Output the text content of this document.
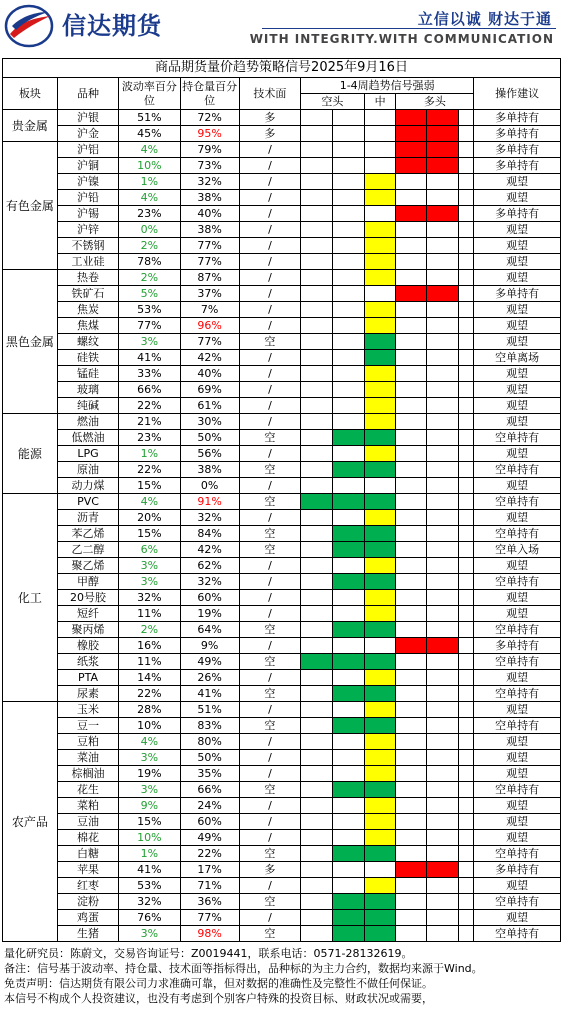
信达期货	立信以诚 财达于通
WITH INTEGRITY.WITH COMMUNICATION
商品期货量价趋势策略信号2025年9月16日											
板块	品种	波动率百分位	持仓量百分位	技术面	1-4周趋势信号强弱						操作建议
					空头		中	多头			
贵金属	沪银	51%	72%	多							多单持有
	沪金	45%	95%	多							多单持有
有色金属	沪铝	4%	79%	/							多单持有
	沪铜	10%	73%	/							多单持有
	沪镍	1%	32%	/							观望
	沪铅	4%	38%	/							观望
	沪锡	23%	40%	/							多单持有
	沪锌	0%	38%	/							观望
	不锈钢	2%	77%	/							观望
	工业硅	78%	77%	/							观望
黑色金属	热卷	2%	87%	/							观望
	铁矿石	5%	37%	/							多单持有
	焦炭	53%	7%	/							观望
	焦煤	77%	96%	/							观望
	螺纹	3%	77%	空							观望
	硅铁	41%	42%	/							空单离场
	锰硅	33%	40%	/							观望
	玻璃	66%	69%	/							观望
	纯碱	22%	61%	/							观望
能源	燃油	21%	30%	/							观望
	低燃油	23%	50%	空							空单持有
	LPG	1%	56%	/							观望
	原油	22%	38%	空							空单持有
	动力煤	15%	0%	/							观望
化工	PVC	4%	91%	空							空单持有
	沥青	20%	32%	/							观望
	苯乙烯	15%	84%	空							空单持有
	乙二醇	6%	42%	空							空单入场
	聚乙烯	3%	62%	/							观望
	甲醇	3%	32%	/							空单持有
	20号胶	32%	60%	/							观望
	短纤	11%	19%	/							观望
	聚丙烯	2%	64%	空							空单持有
	橡胶	16%	9%	/							多单持有
	纸浆	11%	49%	空							空单持有
	PTA	14%	26%	/							观望
	尿素	22%	41%	空							空单持有
农产品	玉米	28%	51%	/							观望
	豆一	10%	83%	空							空单持有
	豆粕	4%	80%	/							观望
	菜油	3%	50%	/							观望
	棕榈油	19%	35%	/							观望
	花生	3%	66%	空							空单持有
	菜粕	9%	24%	/							观望
	豆油	15%	60%	/							观望
	棉花	10%	49%	/							观望
	白糖	1%	22%	空							空单持有
	苹果	41%	17%	多							多单持有
	红枣	53%	71%	/							观望
	淀粉	32%	36%	空							空单持有
	鸡蛋	76%	77%	/							观望
	生猪	3%	98%	空							空单持有
量化研究员：陈蔚文，交易咨询证号：Z0019441，联系电话：0571-28132619。
备注：信号基于波动率、持仓量、技术面等指标得出，品种标的为主力合约，数据均来源于Wind。
免责声明：信达期货有限公司力求准确可靠，但对数据的准确性及完整性不做任何保证。
本信号不构成个人投资建议，也没有考虑到个别客户特殊的投资目标、财政状况或需要，
